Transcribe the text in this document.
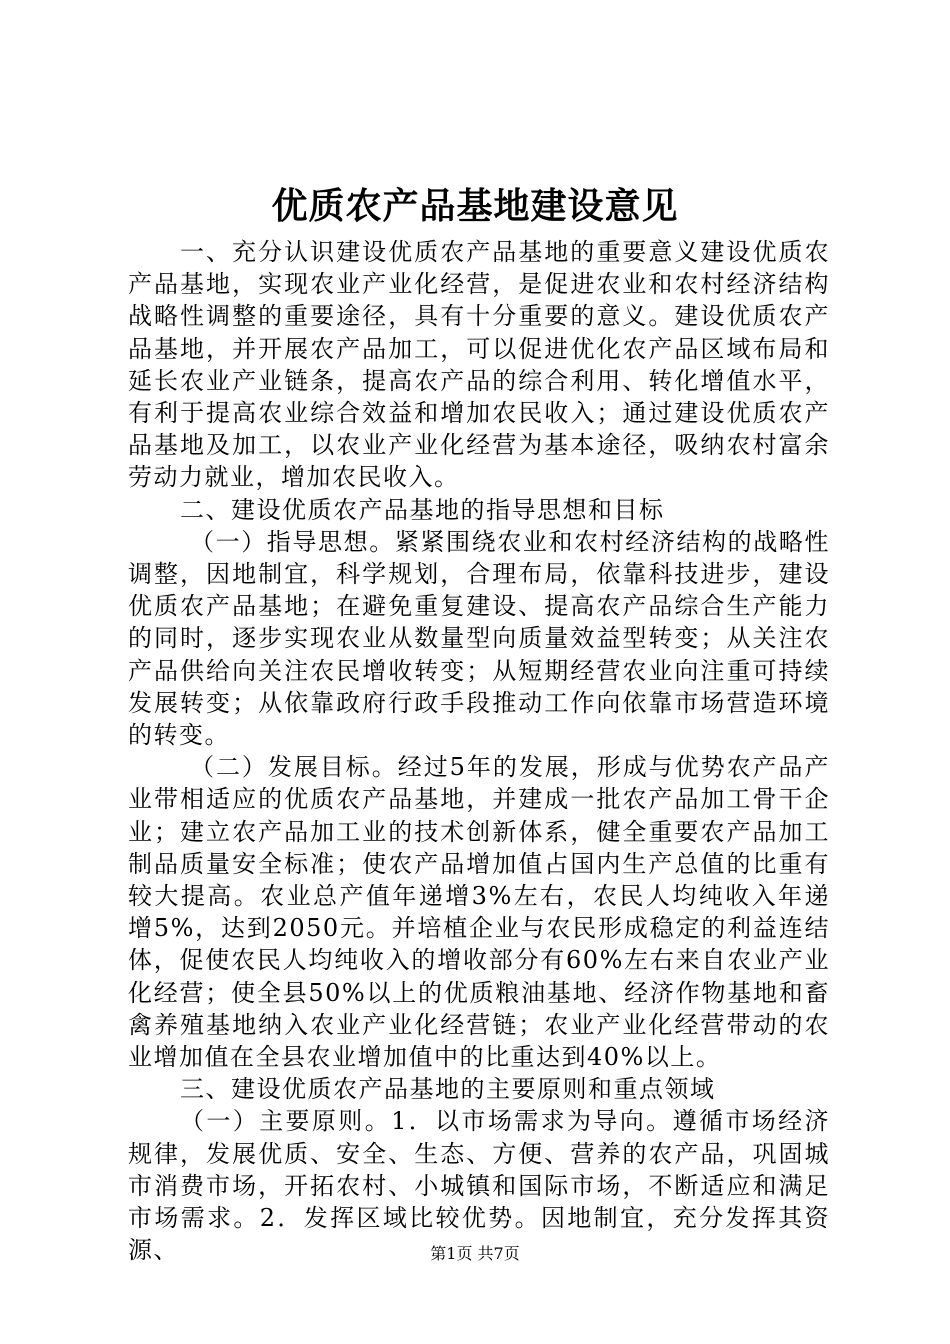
优质农产品基地建设意见

一、充分认识建设优质农产品基地的重要意义建设优质农产品基地，实现农业产业化经营，是促进农业和农村经济结构战略性调整的重要途径，具有十分重要的意义。建设优质农产品基地，并开展农产品加工，可以促进优化农产品区域布局和延长农业产业链条，提高农产品的综合利用、转化增值水平，有利于提高农业综合效益和增加农民收入；通过建设优质农产品基地及加工，以农业产业化经营为基本途径，吸纳农村富余劳动力就业，增加农民收入。

二、建设优质农产品基地的指导思想和目标

（一）指导思想。紧紧围绕农业和农村经济结构的战略性调整，因地制宜，科学规划，合理布局，依靠科技进步，建设优质农产品基地；在避免重复建设、提高农产品综合生产能力的同时，逐步实现农业从数量型向质量效益型转变；从关注农产品供给向关注农民增收转变；从短期经营农业向注重可持续发展转变；从依靠政府行政手段推动工作向依靠市场营造环境的转变。

（二）发展目标。经过5年的发展，形成与优势农产品产业带相适应的优质农产品基地，并建成一批农产品加工骨干企业；建立农产品加工业的技术创新体系，健全重要农产品加工制品质量安全标准；使农产品增加值占国内生产总值的比重有较大提高。农业总产值年递增3%左右，农民人均纯收入年递增5%，达到2050元。并培植企业与农民形成稳定的利益连结体，促使农民人均纯收入的增收部分有60%左右来自农业产业化经营；使全县50%以上的优质粮油基地、经济作物基地和畜禽养殖基地纳入农业产业化经营链；农业产业化经营带动的农业增加值在全县农业增加值中的比重达到40%以上。

三、建设优质农产品基地的主要原则和重点领域

（一）主要原则。1．以市场需求为导向。遵循市场经济规律，发展优质、安全、生态、方便、营养的农产品，巩固城市消费市场，开拓农村、小城镇和国际市场，不断适应和满足市场需求。2．发挥区域比较优势。因地制宜，充分发挥其资源、	第1页 共7页
